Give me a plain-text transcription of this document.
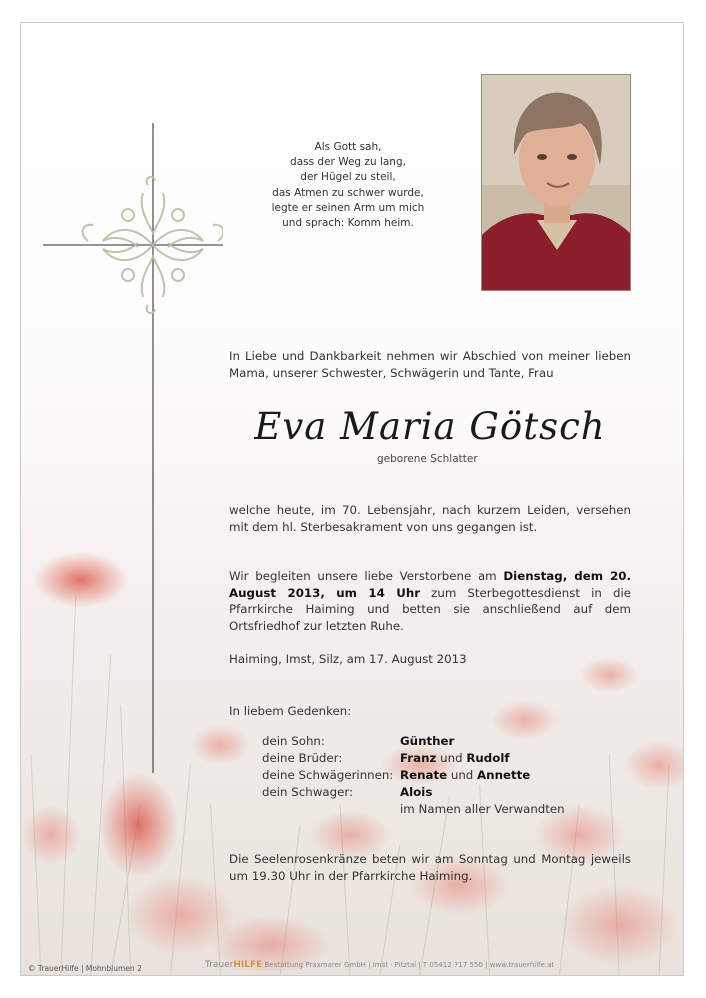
Als Gott sah,
dass der Weg zu lang,
der Hügel zu steil,
das Atmen zu schwer wurde,
legte er seinen Arm um mich
und sprach: Komm heim.
In Liebe und Dankbarkeit nehmen wir Abschied von meiner lieben Mama, unserer Schwester, Schwägerin und Tante, Frau
Eva Maria Götsch
geborene Schlatter
welche heute, im 70. Lebensjahr, nach kurzem Leiden, versehen mit dem hl. Sterbesakrament von uns gegangen ist.
Wir begleiten unsere liebe Verstorbene am Dienstag, dem 20. August 2013, um 14 Uhr zum Sterbegottesdienst in die Pfarrkirche Haiming und betten sie anschließend auf dem Ortsfriedhof zur letzten Ruhe.
Haiming, Imst, Silz, am 17. August 2013
In liebem Gedenken:
dein Sohn:	Günther
deine Brüder:	Franz und Rudolf
deine Schwägerinnen: Renate und Annette
dein Schwager:	Alois
im Namen aller Verwandten
Die Seelenrosenkränze beten wir am Sonntag und Montag jeweils um 19.30 Uhr in der Pfarrkirche Haiming.
© TrauerHilfe | Mohnblumen 2	TrauerHILFE Bestattung Praxmarer GmbH | Imst · Pitztal | T 05412 717 550 | www.trauerhilfe.at
